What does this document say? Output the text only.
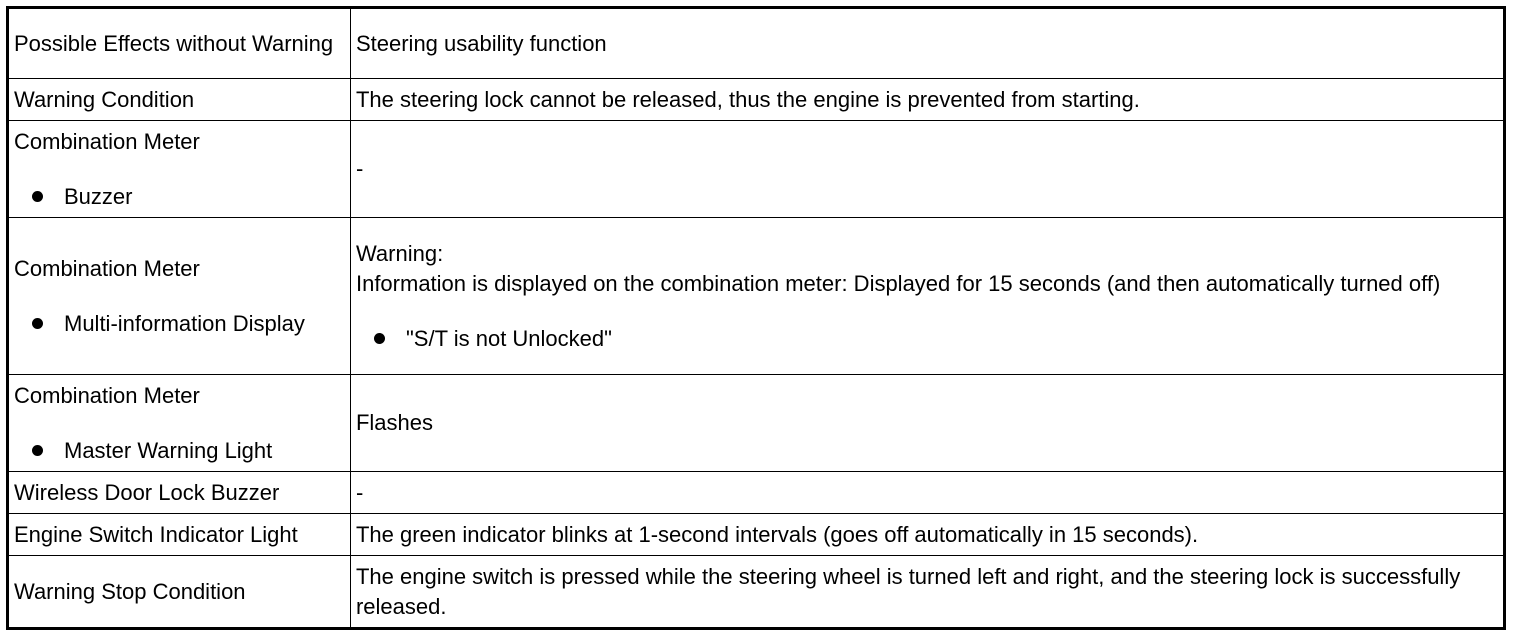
Possible Effects without Warning	Steering usability function
Warning Condition	The steering lock cannot be released, thus the engine is prevented from starting.

Combination Meter
Buzzer	-

Combination Meter
Multi-information Display	Warning:
Information is displayed on the combination meter: Displayed for 15 seconds (and then automatically turned off)
"S/T is not Unlocked"

Combination Meter
Master Warning Light	Flashes
Wireless Door Lock Buzzer	-
Engine Switch Indicator Light	The green indicator blinks at 1-second intervals (goes off automatically in 15 seconds).
Warning Stop Condition	The engine switch is pressed while the steering wheel is turned left and right, and the steering lock is successfully released.
